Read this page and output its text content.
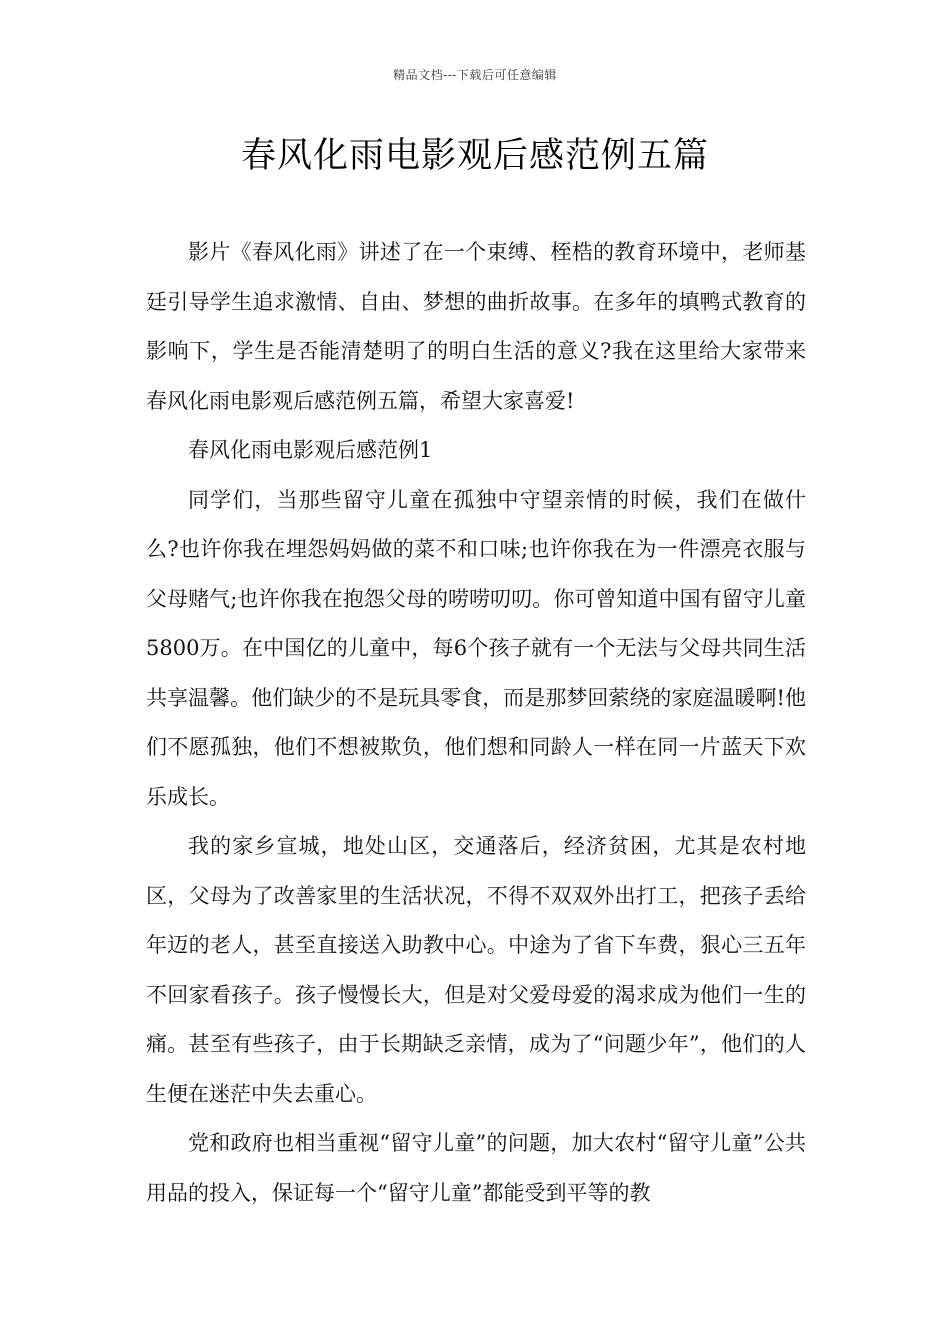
精品文档---下载后可任意编辑
春风化雨电影观后感范例五篇

影片《春风化雨》讲述了在一个束缚、桎梏的教育环境中，老师基廷引导学生追求激情、自由、梦想的曲折故事。在多年的填鸭式教育的影响下，学生是否能清楚明了的明白生活的意义?我在这里给大家带来春风化雨电影观后感范例五篇，希望大家喜爱!

春风化雨电影观后感范例1

同学们，当那些留守儿童在孤独中守望亲情的时候，我们在做什么?也许你我在埋怨妈妈做的菜不和口味;也许你我在为一件漂亮衣服与父母赌气;也许你我在抱怨父母的唠唠叨叨。你可曾知道中国有留守儿童5800万。在中国亿的儿童中，每6个孩子就有一个无法与父母共同生活共享温馨。他们缺少的不是玩具零食，而是那梦回萦绕的家庭温暖啊!他们不愿孤独，他们不想被欺负，他们想和同龄人一样在同一片蓝天下欢乐成长。

我的家乡宣城，地处山区，交通落后，经济贫困，尤其是农村地区，父母为了改善家里的生活状况，不得不双双外出打工，把孩子丢给年迈的老人，甚至直接送入助教中心。中途为了省下车费，狠心三五年不回家看孩子。孩子慢慢长大，但是对父爱母爱的渴求成为他们一生的痛。甚至有些孩子，由于长期缺乏亲情，成为了“问题少年”，他们的人生便在迷茫中失去重心。

党和政府也相当重视“留守儿童”的问题，加大农村“留守儿童”公共用品的投入，保证每一个“留守儿童”都能受到平等的教
